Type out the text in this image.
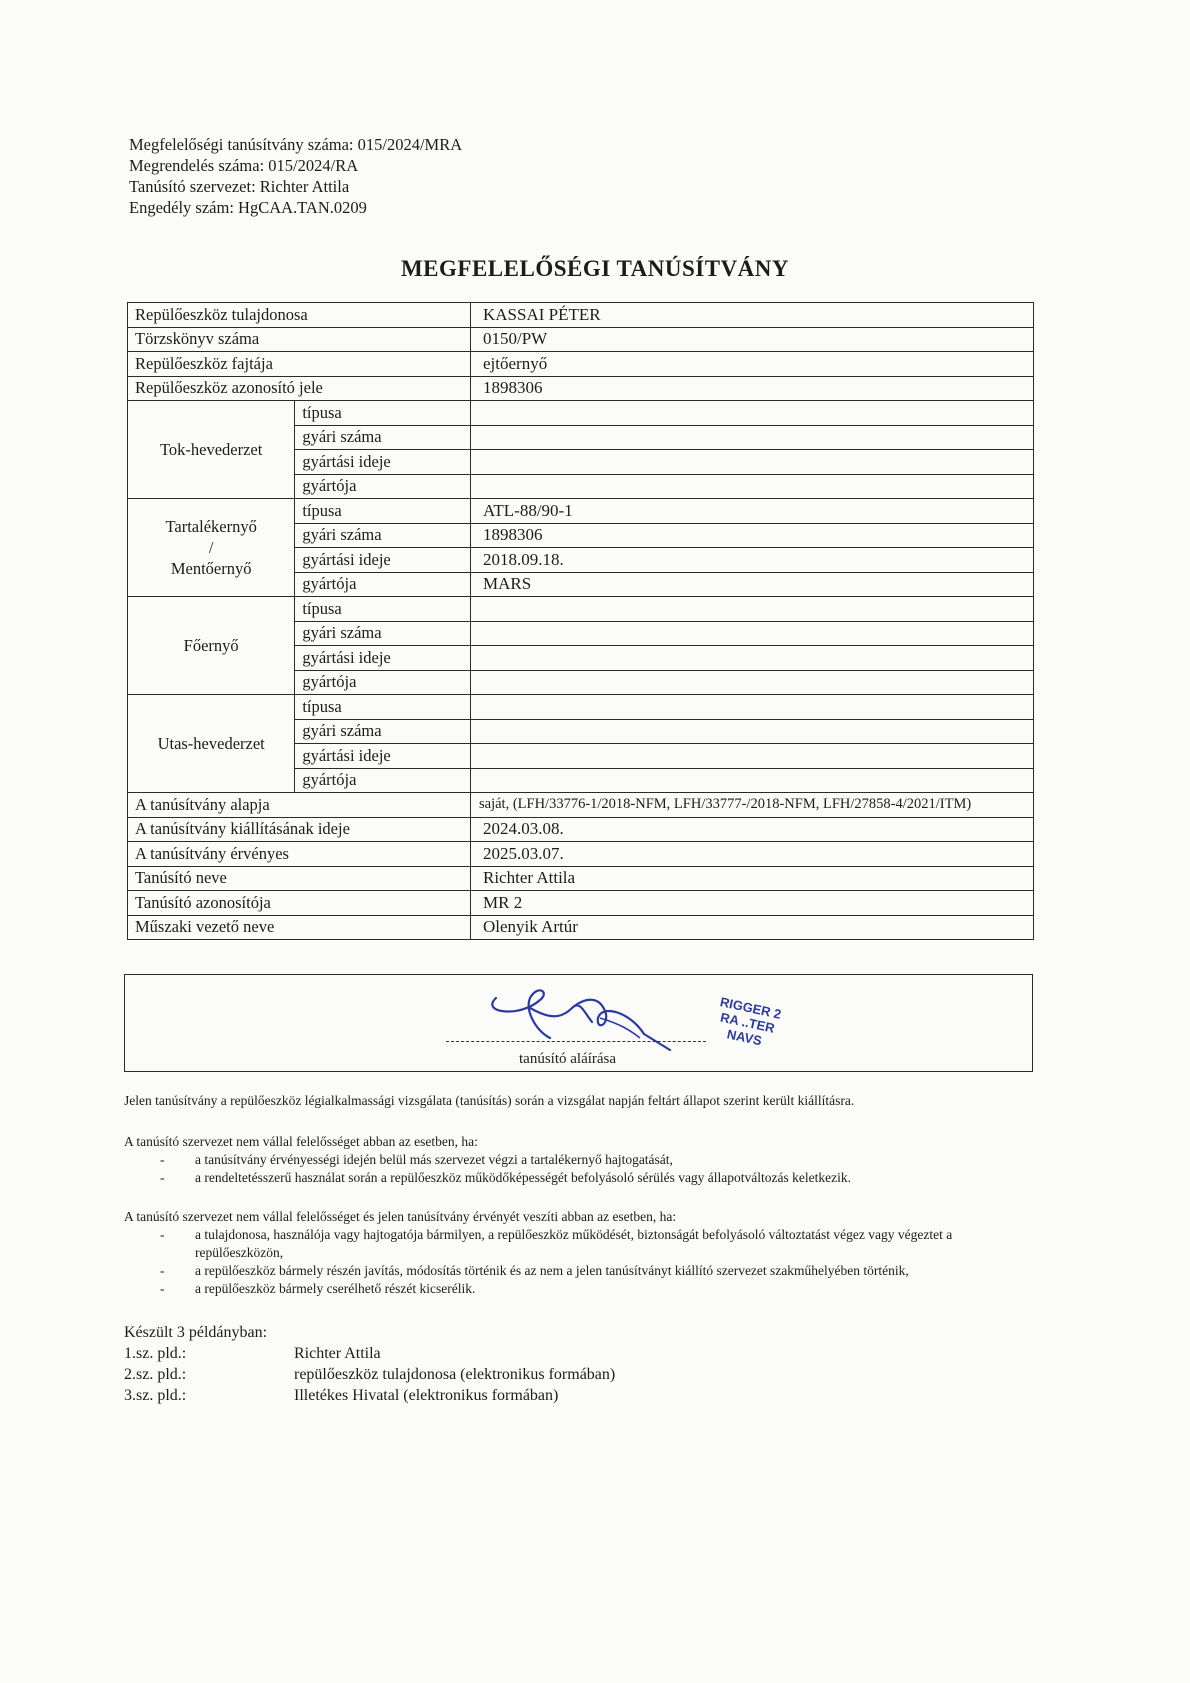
Megfelelőségi tanúsítvány száma: 015/2024/MRA
Megrendelés száma: 015/2024/RA
Tanúsító szervezet: Richter Attila
Engedély szám: HgCAA.TAN.0209
MEGFELELŐSÉGI TANÚSÍTVÁNY
Repülőeszköz tulajdonosa		KASSAI PÉTER
Törzskönyv száma		0150/PW
Repülőeszköz fajtája		ejtőernyő
Repülőeszköz azonosító jele		1898306
Tok-hevederzet	típusa	
	gyári száma	
	gyártási ideje	
	gyártója	

Tartalékernyő
/
Mentőernyő	típusa	ATL-88/90-1
	gyári száma	1898306
	gyártási ideje	2018.09.18.
	gyártója	MARS
Főernyő	típusa	
	gyári száma	
	gyártási ideje	
	gyártója	
Utas-hevederzet	típusa	
	gyári száma	
	gyártási ideje	
	gyártója	
A tanúsítvány alapja		saját, (LFH/33776-1/2018-NFM, LFH/33777-/2018-NFM, LFH/27858-4/2021/ITM)
A tanúsítvány kiállításának ideje		2024.03.08.
A tanúsítvány érvényes		2025.03.07.
Tanúsító neve		Richter Attila
Tanúsító azonosítója		MR 2
Műszaki vezető neve		Olenyik Artúr
tanúsító aláírása
RIGGER 2 RA ..TER NAVS
Jelen tanúsítvány a repülőeszköz légialkalmassági vizsgálata (tanúsítás) során a vizsgálat napján feltárt állapot szerint került kiállításra.
A tanúsító szervezet nem vállal felelősséget abban az esetben, ha:
- a tanúsítvány érvényességi idején belül más szervezet végzi a tartalékernyő hajtogatását,
- a rendeltetésszerű használat során a repülőeszköz működőképességét befolyásoló sérülés vagy állapotváltozás keletkezik.
A tanúsító szervezet nem vállal felelősséget és jelen tanúsítvány érvényét veszíti abban az esetben, ha:
- a tulajdonosa, használója vagy hajtogatója bármilyen, a repülőeszköz működését, biztonságát befolyásoló változtatást végez vagy végeztet a repülőeszközön,
- a repülőeszköz bármely részén javítás, módosítás történik és az nem a jelen tanúsítványt kiállító szervezet szakműhelyében történik,
- a repülőeszköz bármely cserélhető részét kicserélik.
Készült 3 példányban:
1.sz. pld.:	Richter Attila
2.sz. pld.:	repülőeszköz tulajdonosa (elektronikus formában)
3.sz. pld.:	Illetékes Hivatal (elektronikus formában)
